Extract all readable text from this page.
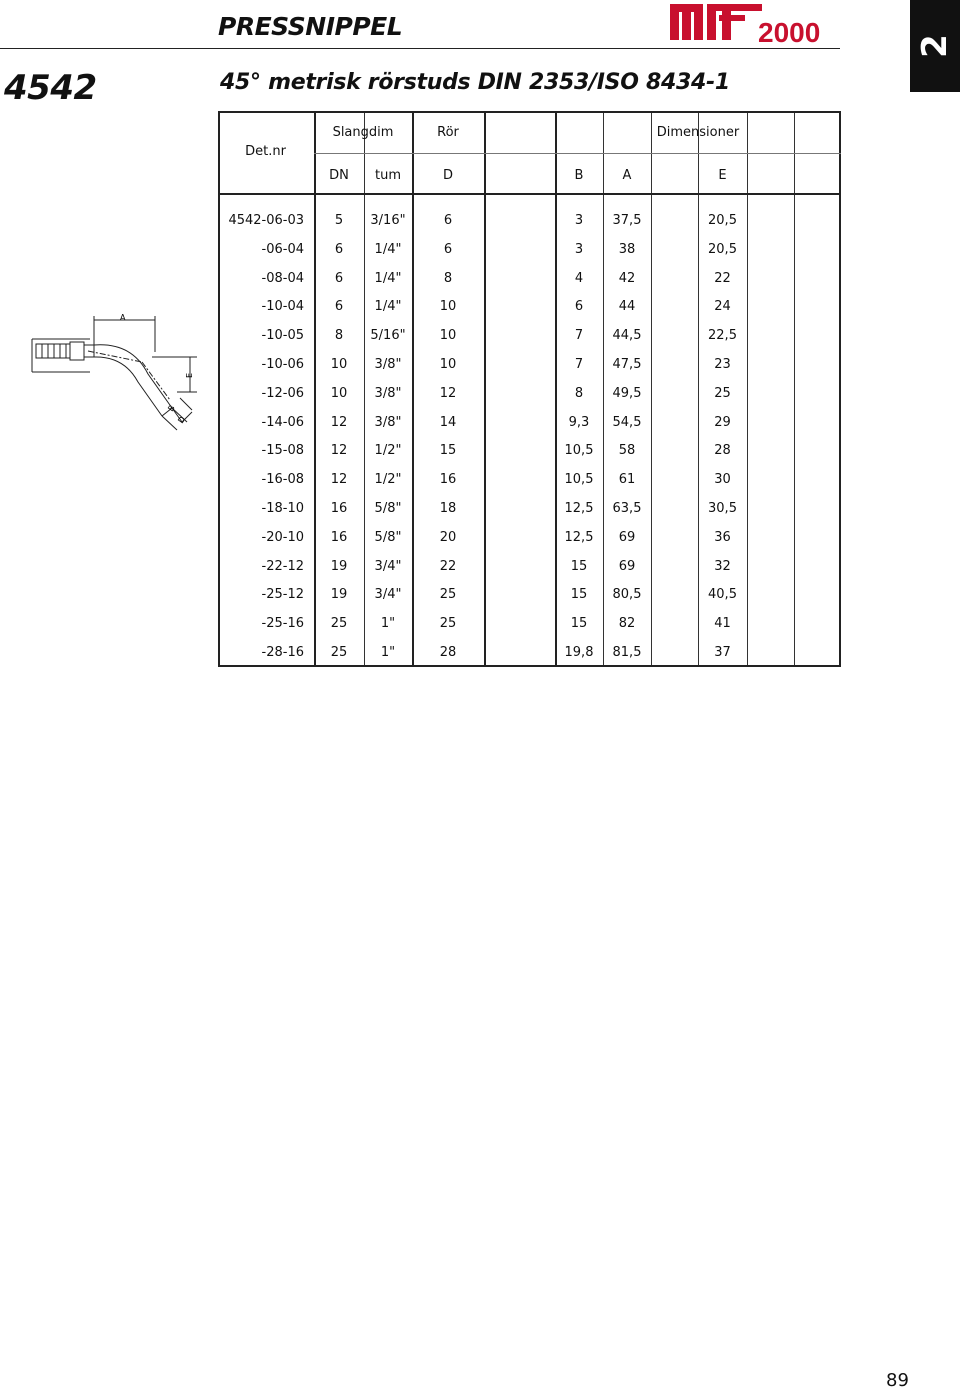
PRESSNIPPEL	2000	2
4542	45° metrisk rörstuds DIN 2353/ISO 8434-1
Slangdim	Rör	Dimensioner
Det.nr
DN	tum	D	B	A	E
4542-06-03	5	3/16"	6	3	37,5	20,5
-06-04	6	1/4"	6	3	38	20,5
-08-04	6	1/4"	8	4	42	22
-10-04	6	1/4"	10	6	44	24
-10-05	8	5/16"	10	7	44,5	22,5
-10-06	10	3/8"	10	7	47,5	23
-12-06	10	3/8"	12	8	49,5	25
-14-06	12	3/8"	14	9,3	54,5	29
-15-08	12	1/2"	15	10,5	58	28
-16-08	12	1/2"	16	10,5	61	30
-18-10	16	5/8"	18	12,5	63,5	30,5
-20-10	16	5/8"	20	12,5	69	36
-22-12	19	3/4"	22	15	69	32
-25-12	19	3/4"	25	15	80,5	40,5
-25-16	25	1"	25	15	82	41
-28-16	25	1"	28	19,8	81,5	37
A
E
B
D
89
